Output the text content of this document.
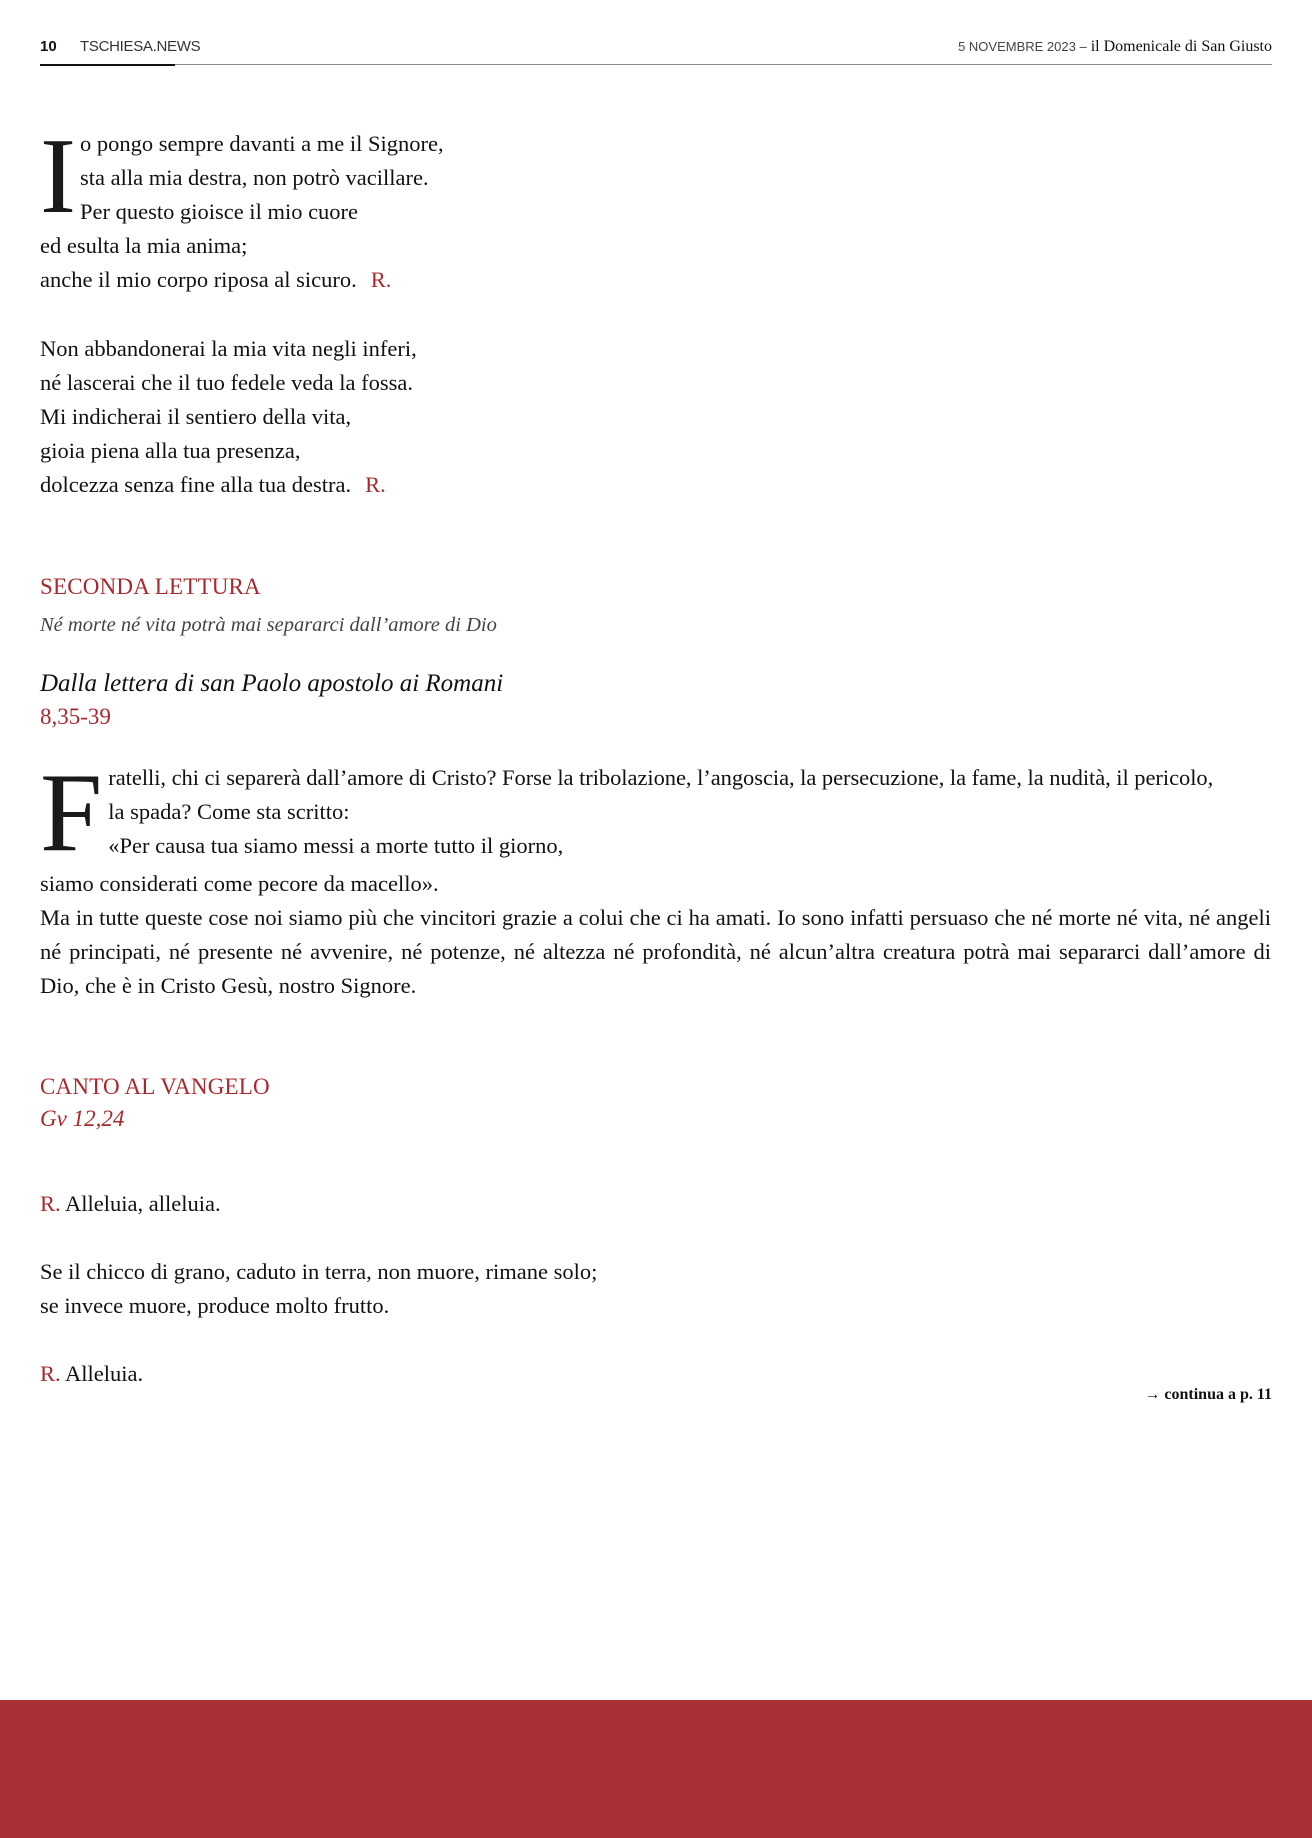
10 TSCHIESA.NEWS	5 NOVEMBRE 2023 – il Domenicale di San Giusto
I o pongo sempre davanti a me il Signore,
sta alla mia destra, non potrò vacillare.
Per questo gioisce il mio cuore
ed esulta la mia anima;
anche il mio corpo riposa al sicuro. R.
Non abbandonerai la mia vita negli inferi,
né lascerai che il tuo fedele veda la fossa.
Mi indicherai il sentiero della vita,
gioia piena alla tua presenza,
dolcezza senza fine alla tua destra. R.
SECONDA LETTURA
Né morte né vita potrà mai separarci dall’amore di Dio
Dalla lettera di san Paolo apostolo ai Romani
8,35-39
F ratelli, chi ci separerà dall’amore di Cristo? Forse la tribolazione, l’angoscia, la persecuzione, la fame, la nudità, il pericolo,
la spada? Come sta scritto:
«Per causa tua siamo messi a morte tutto il giorno,
siamo considerati come pecore da macello».
Ma in tutte queste cose noi siamo più che vincitori grazie a colui che ci ha amati. Io sono infatti persuaso che né morte né vita, né angeli né principati, né presente né avvenire, né potenze, né altezza né profondità, né alcun’altra creatura potrà mai separarci dall’amore di Dio, che è in Cristo Gesù, nostro Signore.
CANTO AL VANGELO
Gv 12,24
R. Alleluia, alleluia.
Se il chicco di grano, caduto in terra, non muore, rimane solo;
se invece muore, produce molto frutto.
R. Alleluia.
→ continua a p. 11
